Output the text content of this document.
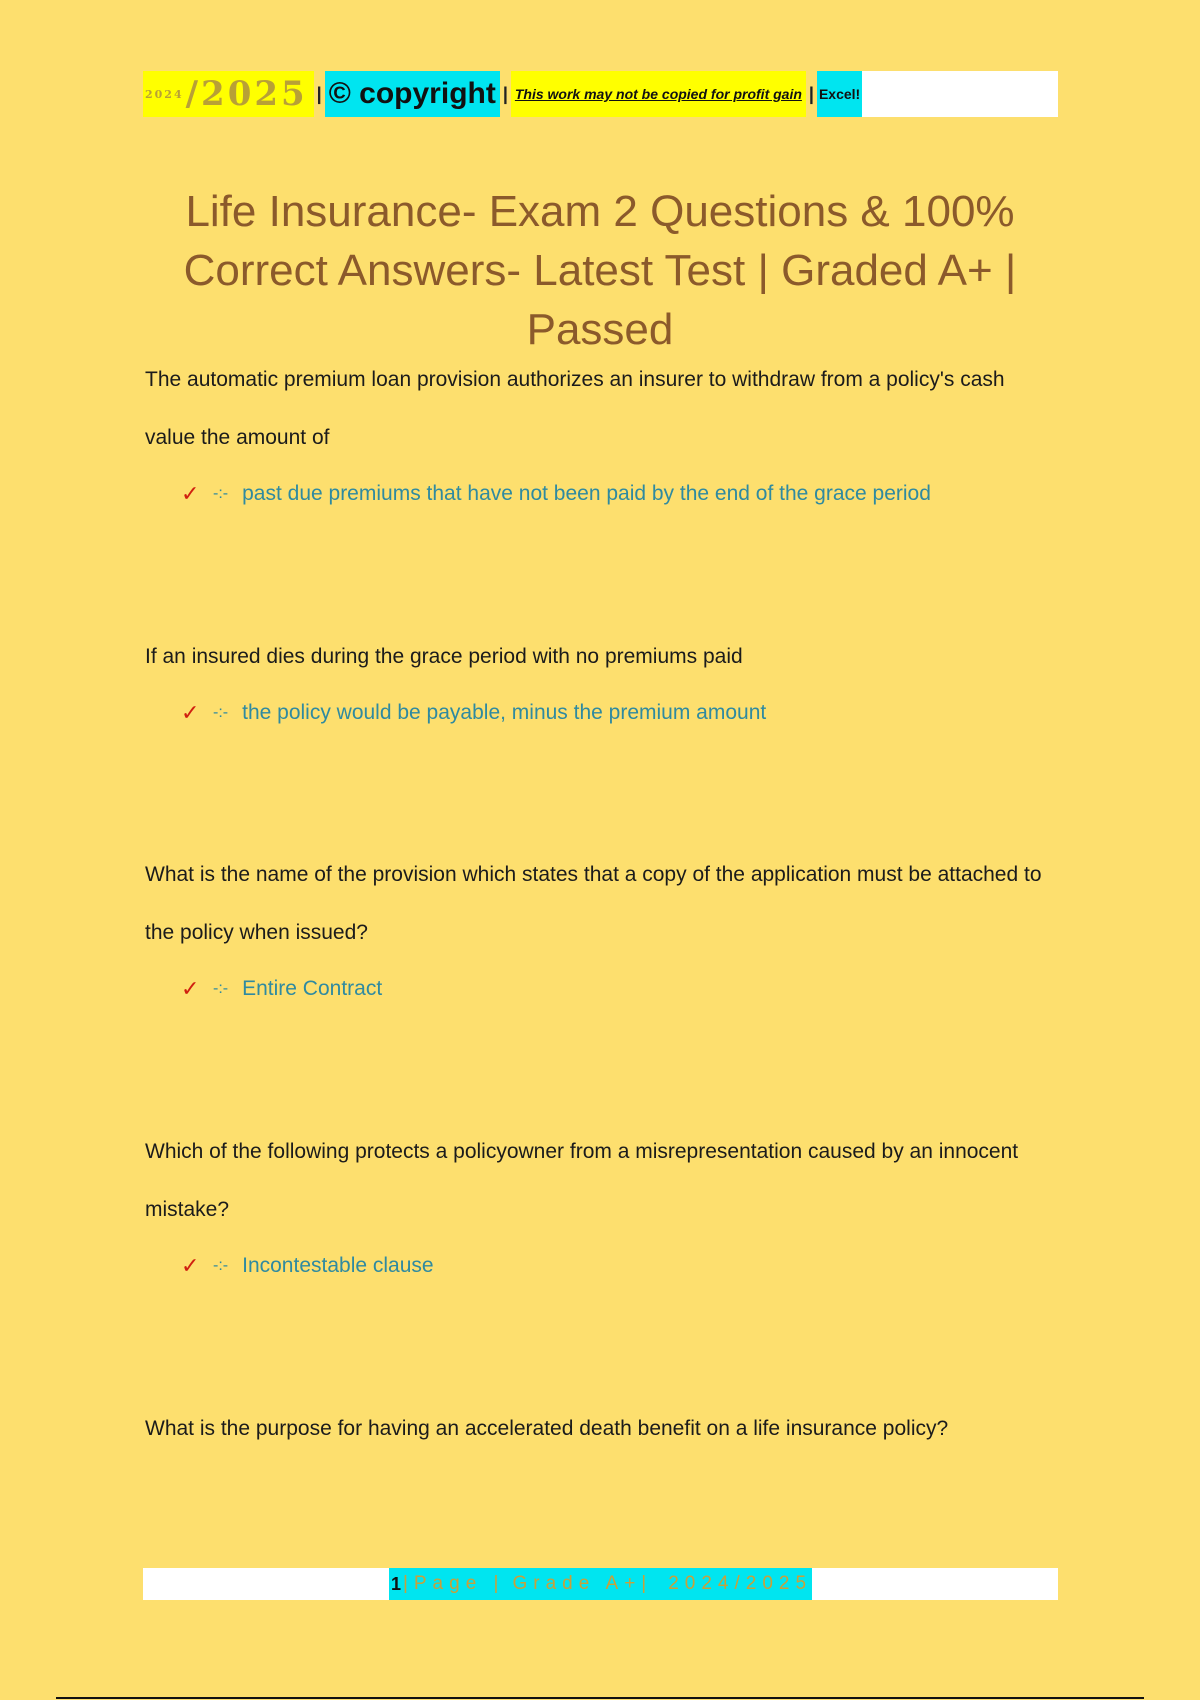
2024 /2025 | © copyright | This work may not be copied for profit gain | Excel!
Life Insurance- Exam 2 Questions & 100% Correct Answers- Latest Test | Graded A+ | Passed

The automatic premium loan provision authorizes an insurer to withdraw from a policy's cash value the amount of

✓ -:- past due premiums that have not been paid by the end of the grace period

If an insured dies during the grace period with no premiums paid

✓ -:- the policy would be payable, minus the premium amount

What is the name of the provision which states that a copy of the application must be attached to the policy when issued?

✓ -:- Entire Contract

Which of the following protects a policyowner from a misrepresentation caused by an innocent mistake?

✓ -:- Incontestable clause

What is the purpose for having an accelerated death benefit on a life insurance policy?

1 |Page | Grade A+| 2024/2025
